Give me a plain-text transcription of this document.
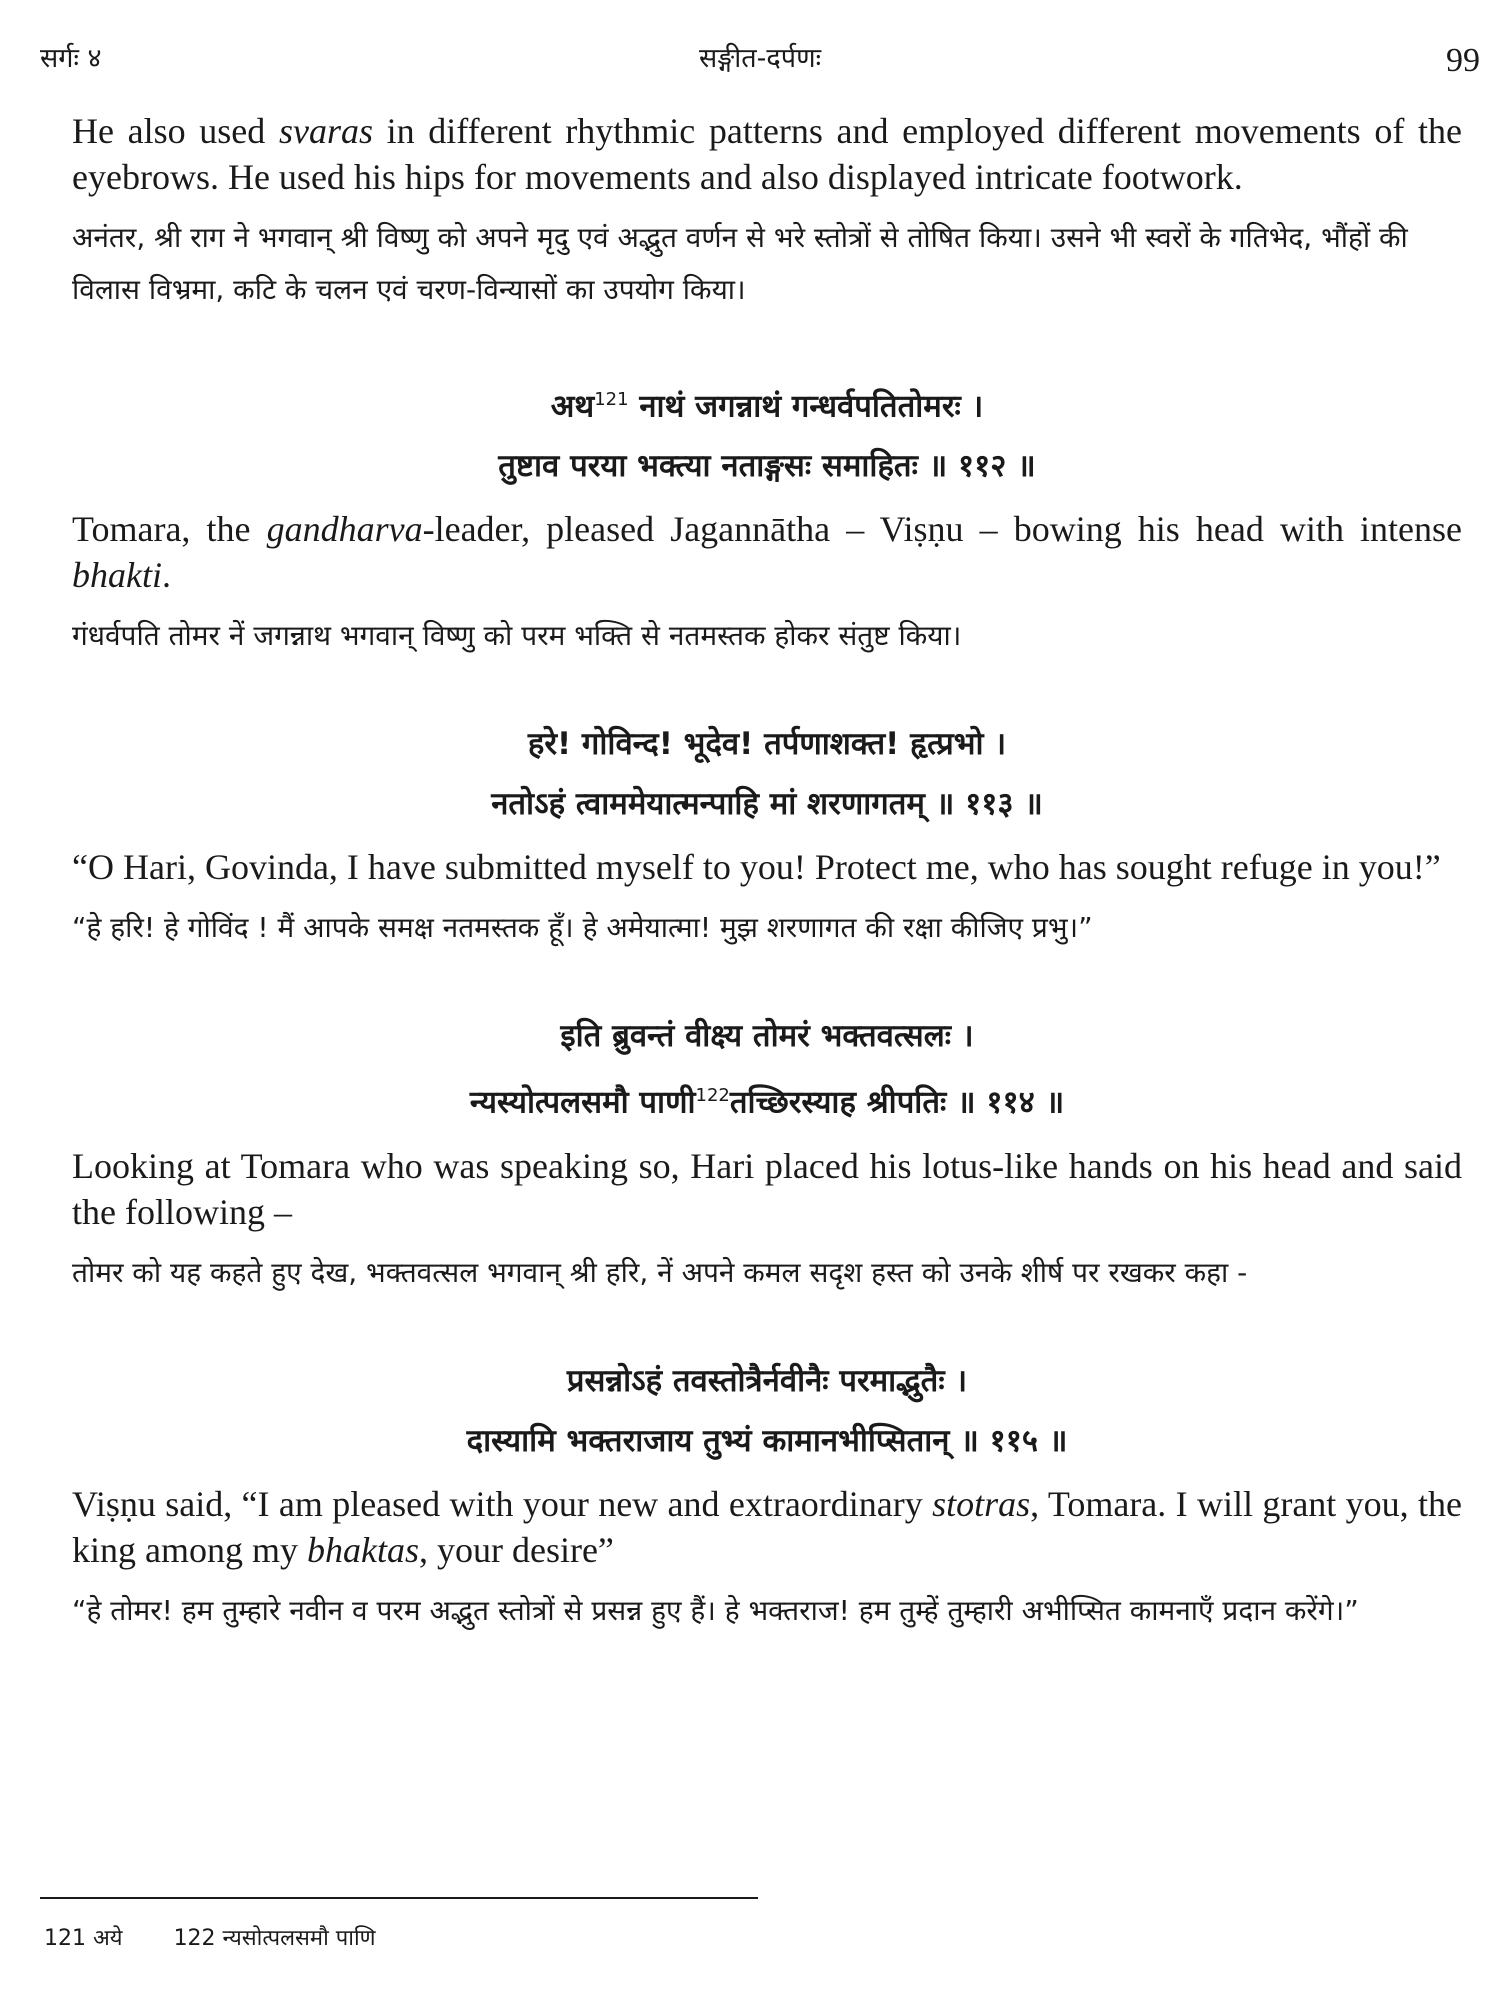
सर्गः ४	सङ्गीत-दर्पणः	99

He also used svaras in different rhythmic patterns and employed different movements of the eyebrows. He used his hips for movements and also displayed intricate footwork.

अनंतर, श्री राग ने भगवान् श्री विष्णु को अपने मृदु एवं अद्भुत वर्णन से भरे स्तोत्रों से तोषित किया। उसने भी स्वरों के गतिभेद, भौंहों की विलास विभ्रमा, कटि के चलन एवं चरण-विन्यासों का उपयोग किया।

अथ$^{121}$ नाथं जगन्नाथं गन्धर्वपतितोमरः ।

तुष्टाव परया भक्त्या नताङ्गसः समाहितः ॥ ११२ ॥

Tomara, the gandharva-leader, pleased Jagannātha – Viṣṇu – bowing his head with intense bhakti.

गंधर्वपति तोमर नें जगन्नाथ भगवान् विष्णु को परम भक्ति से नतमस्तक होकर संतुष्ट किया।

हरे! गोविन्द! भूदेव! तर्पणाशक्त! हृत्प्रभो ।

नतोऽहं त्वाममेयात्मन्पाहि मां शरणागतम् ॥ ११३ ॥

“O Hari, Govinda, I have submitted myself to you! Protect me, who has sought refuge in you!”

“हे हरि! हे गोविंद ! मैं आपके समक्ष नतमस्तक हूँ। हे अमेयात्मा! मुझ शरणागत की रक्षा कीजिए प्रभु।”

इति ब्रुवन्तं वीक्ष्य तोमरं भक्तवत्सलः ।

न्यस्योत्पलसमौ पाणी$^{122}$तच्छिरस्याह श्रीपतिः ॥ ११४ ॥

Looking at Tomara who was speaking so, Hari placed his lotus-like hands on his head and said the following –

तोमर को यह कहते हुए देख, भक्तवत्सल भगवान् श्री हरि, नें अपने कमल सदृश हस्त को उनके शीर्ष पर रखकर कहा -

प्रसन्नोऽहं तवस्तोत्रैर्नवीनैः परमाद्भुतैः ।

दास्यामि भक्तराजाय तुभ्यं कामानभीप्सितान् ॥ ११५ ॥

Viṣṇu said, “I am pleased with your new and extraordinary stotras, Tomara. I will grant you, the king among my bhaktas, your desire”

“हे तोमर! हम तुम्हारे नवीन व परम अद्भुत स्तोत्रों से प्रसन्न हुए हैं। हे भक्तराज! हम तुम्हें तुम्हारी अभीप्सित कामनाएँ प्रदान करेंगे।”

121 अये 122 न्यसोत्पलसमौ पाणि
